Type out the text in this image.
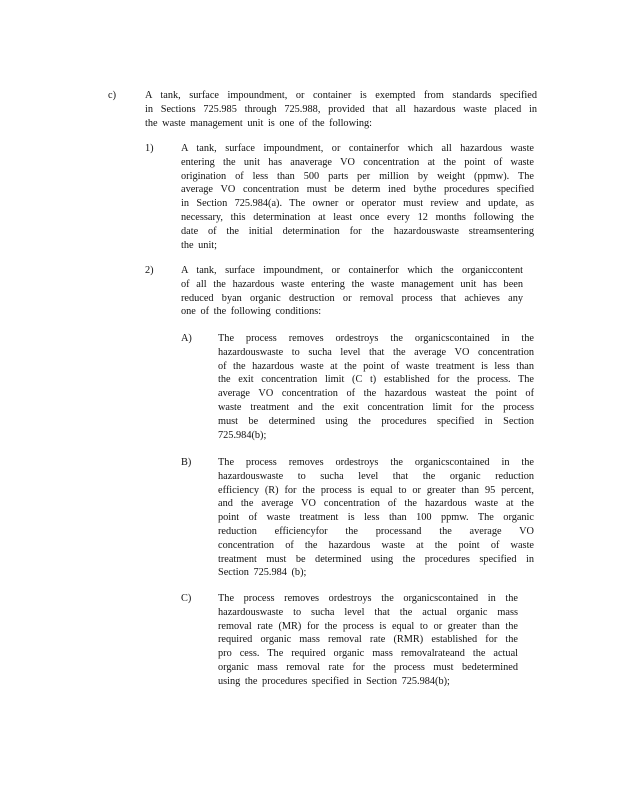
c)	A tank, surface impoundment, or container is exempted from standards specified
in Sections 725.985 through 725.988, provided that all hazardous waste placed in
the waste management unit is one of the following:
1)	A tank, surface impoundment, or containerfor which all hazardous waste
entering the unit has anaverage VO concentration at the point of waste
origination of less than 500 parts per million by weight (ppmw). The
average VO concentration must be determ ined bythe procedures specified
in Section 725.984(a). The owner or operator must review and update, as
necessary, this determination at least once every 12 months following the
date of the initial determination for the hazardouswaste streamsentering
the unit;
2)	A tank, surface impoundment, or containerfor which the organiccontent
of all the hazardous waste entering the waste management unit has been
reduced byan organic destruction or removal process that achieves any
one of the following conditions:
A)	The process removes ordestroys the organicscontained in the
hazardouswaste to sucha level that the average VO concentration
of the hazardous waste at the point of waste treatment is less than
the exit concentration limit (C t) established for the process. The
average VO concentration of the hazardous wasteat the point of
waste treatment and the exit concentration limit for the process
must be determined using the procedures specified in Section
725.984(b);
B)	The process removes ordestroys the organicscontained in the
hazardouswaste to sucha level that the organic reduction
efficiency (R) for the process is equal to or greater than 95 percent,
and the average VO concentration of the hazardous waste at the
point of waste treatment is less than 100 ppmw. The organic
reduction efficiencyfor the processand the average VO
concentration of the hazardous waste at the point of waste
treatment must be determined using the procedures specified in
Section 725.984 (b);
C)	The process removes ordestroys the organicscontained in the
hazardouswaste to sucha level that the actual organic mass
removal rate (MR) for the process is equal to or greater than the
required organic mass removal rate (RMR) established for the
pro cess. The required organic mass removalrateand the actual
organic mass removal rate for the process must bedetermined
using the procedures specified in Section 725.984(b);
